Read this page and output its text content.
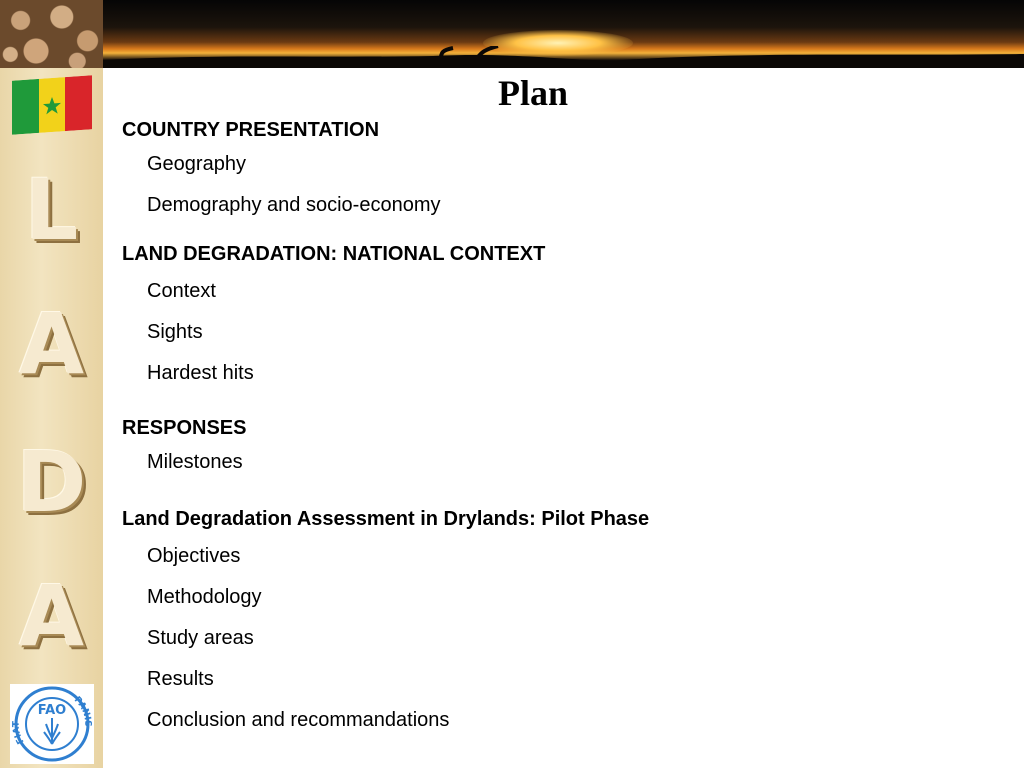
L
A
D
A
FAO
FIAT
PANIS
Plan
COUNTRY PRESENTATION
Geography
Demography and socio-economy
LAND DEGRADATION: NATIONAL CONTEXT
Context
Sights
Hardest hits
RESPONSES
Milestones
Land Degradation Assessment in Drylands: Pilot Phase
Objectives
Methodology
Study areas
Results
Conclusion and recommandations
